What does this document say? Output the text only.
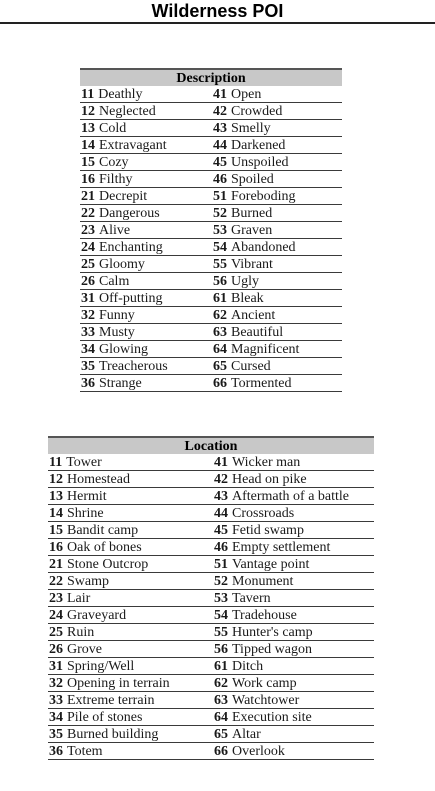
Wilderness POI
Description
11 Deathly	41 Open
12 Neglected	42 Crowded
13 Cold	43 Smelly
14 Extravagant	44 Darkened
15 Cozy	45 Unspoiled
16 Filthy	46 Spoiled
21 Decrepit	51 Foreboding
22 Dangerous	52 Burned
23 Alive	53 Graven
24 Enchanting	54 Abandoned
25 Gloomy	55 Vibrant
26 Calm	56 Ugly
31 Off-putting	61 Bleak
32 Funny	62 Ancient
33 Musty	63 Beautiful
34 Glowing	64 Magnificent
35 Treacherous	65 Cursed
36 Strange	66 Tormented
Location
11 Tower	41 Wicker man
12 Homestead	42 Head on pike
13 Hermit	43 Aftermath of a battle
14 Shrine	44 Crossroads
15 Bandit camp	45 Fetid swamp
16 Oak of bones	46 Empty settlement
21 Stone Outcrop	51 Vantage point
22 Swamp	52 Monument
23 Lair	53 Tavern
24 Graveyard	54 Tradehouse
25 Ruin	55 Hunter's camp
26 Grove	56 Tipped wagon
31 Spring/Well	61 Ditch
32 Opening in terrain	62 Work camp
33 Extreme terrain	63 Watchtower
34 Pile of stones	64 Execution site
35 Burned building	65 Altar
36 Totem	66 Overlook
